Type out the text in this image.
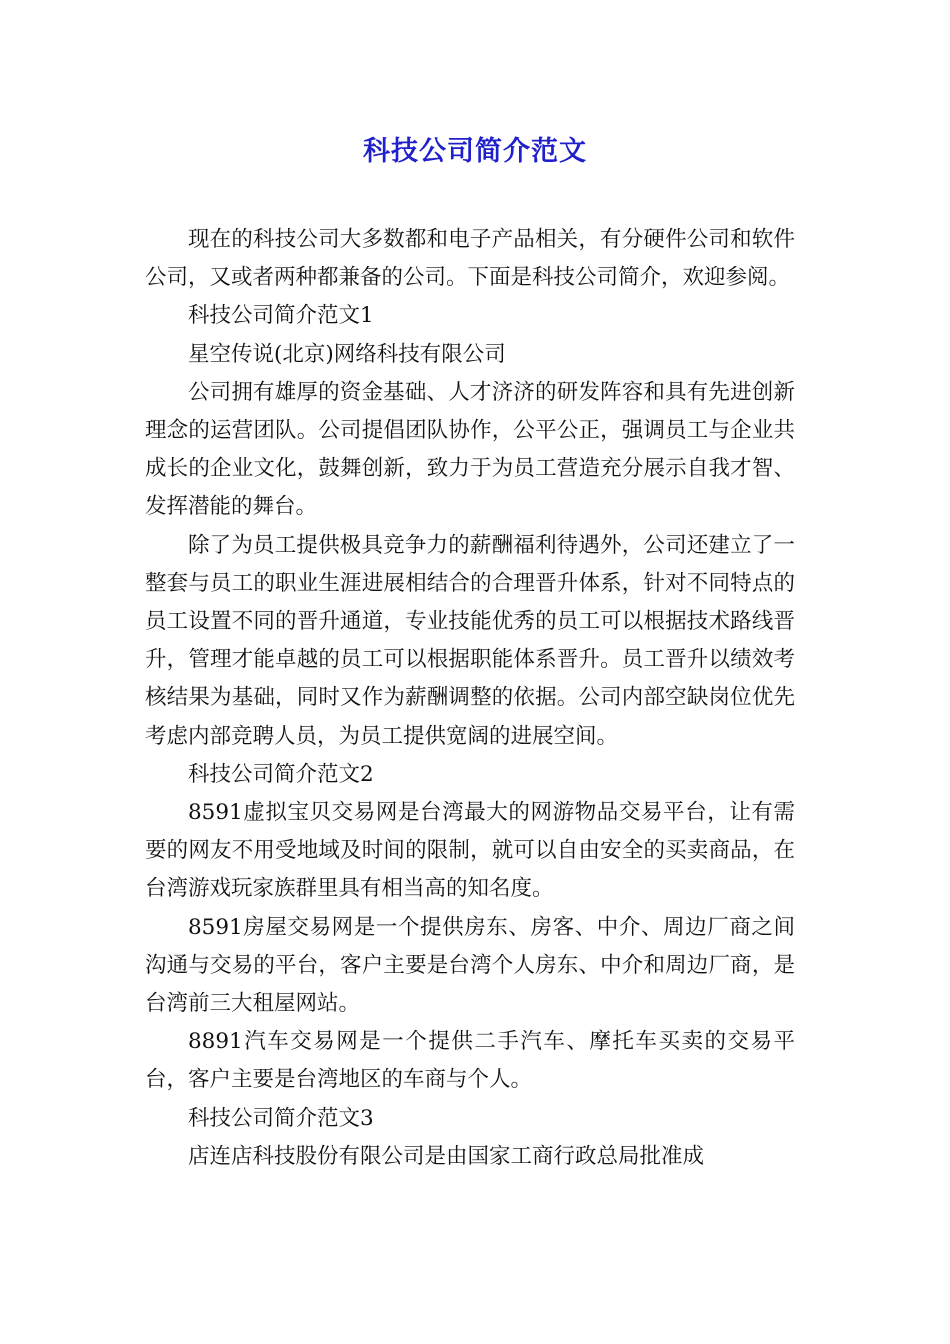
科技公司简介范文

现在的科技公司大多数都和电子产品相关，有分硬件公司和软件公司，又或者两种都兼备的公司。下面是科技公司简介，欢迎参阅。

科技公司简介范文1

星空传说(北京)网络科技有限公司

公司拥有雄厚的资金基础、人才济济的研发阵容和具有先进创新理念的运营团队。公司提倡团队协作，公平公正，强调员工与企业共成长的企业文化，鼓舞创新，致力于为员工营造充分展示自我才智、发挥潜能的舞台。

除了为员工提供极具竞争力的薪酬福利待遇外，公司还建立了一整套与员工的职业生涯进展相结合的合理晋升体系，针对不同特点的员工设置不同的晋升通道，专业技能优秀的员工可以根据技术路线晋升，管理才能卓越的员工可以根据职能体系晋升。员工晋升以绩效考核结果为基础，同时又作为薪酬调整的依据。公司内部空缺岗位优先考虑内部竞聘人员，为员工提供宽阔的进展空间。

科技公司简介范文2

8591虚拟宝贝交易网是台湾最大的网游物品交易平台，让有需要的网友不用受地域及时间的限制，就可以自由安全的买卖商品，在台湾游戏玩家族群里具有相当高的知名度。

8591房屋交易网是一个提供房东、房客、中介、周边厂商之间沟通与交易的平台，客户主要是台湾个人房东、中介和周边厂商，是台湾前三大租屋网站。

8891汽车交易网是一个提供二手汽车、摩托车买卖的交易平台，客户主要是台湾地区的车商与个人。

科技公司简介范文3

店连店科技股份有限公司是由国家工商行政总局批准成
